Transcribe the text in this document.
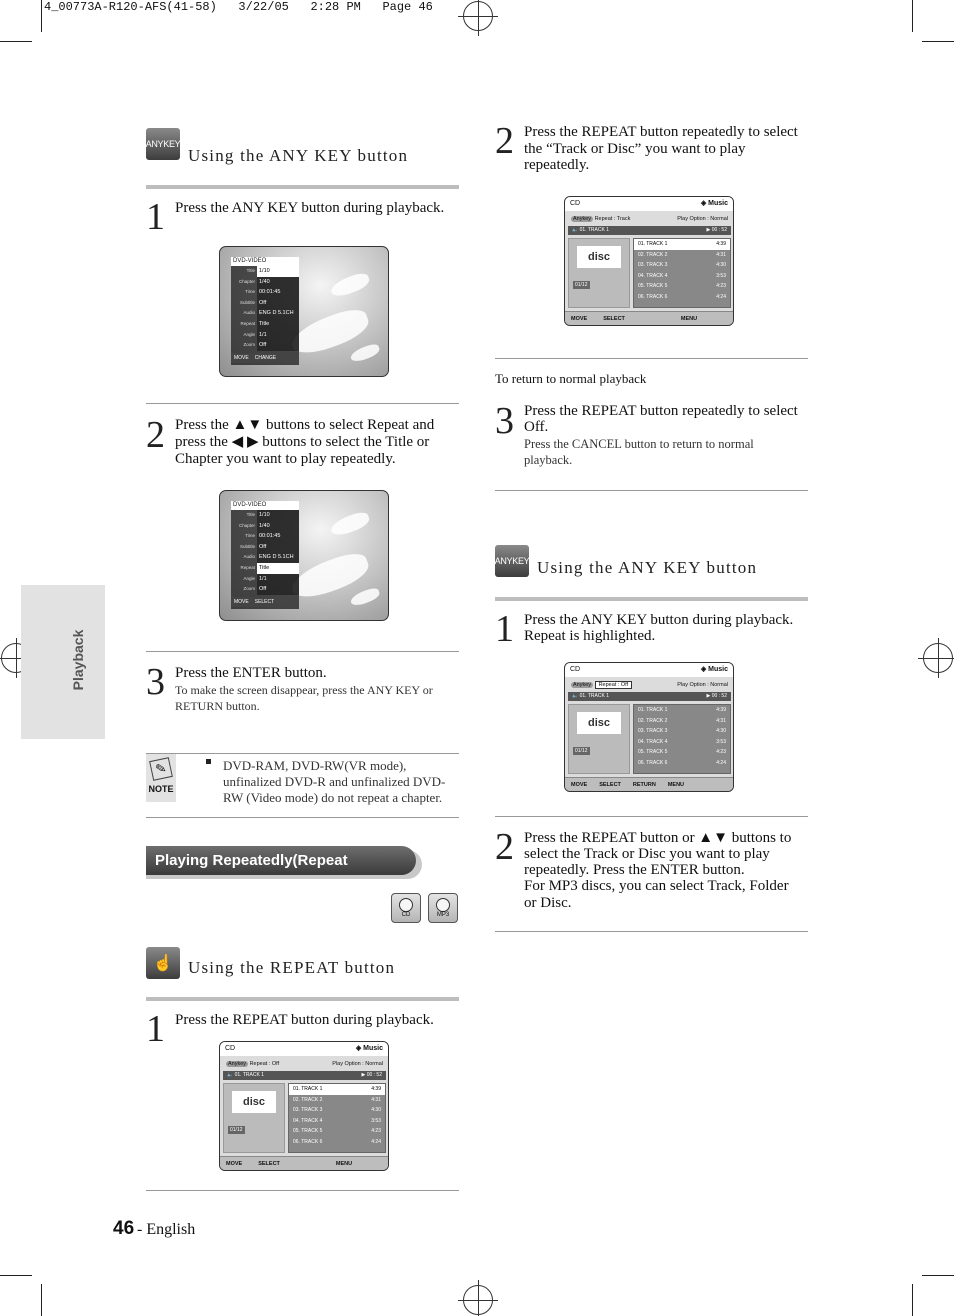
4_00773A-R120-AFS(41-58)   3/22/05   2:28 PM   Page 46
Playback
ANYKEY
Using the ANY KEY button
1 Press the ANY KEY button during playback.
DVD-VIDEO
Title 1/10
Chapter 1/40
Time 00:01:45
Subtitle Off
Audio ENG D 5.1CH
Repeat Title
Angle 1/1
Zoom Off
MOVE CHANGE
2 Press the ▲▼ buttons to select Repeat and
press the ◀ ▶ buttons to select the Title or
Chapter you want to play repeatedly.
DVD-VIDEO
Title 1/10
Chapter 1/40
Time 00:01:45
Subtitle Off
Audio ENG D 5.1CH
Repeat Title
Angle 1/1
Zoom Off
MOVE SELECT
3 Press the ENTER button.
To make the screen disappear, press the ANY KEY or
RETURN button.
✎
NOTE
DVD-RAM, DVD-RW(VR mode),
unfinalized DVD-R and unfinalized DVD-
RW (Video mode) do not repeat a chapter.
Playing Repeatedly(Repeat Playback)
CD	MP3
☝ Using the REPEAT button
1 Press the REPEAT button during playback.
CD	◈ Music
Anykey Repeat : Off	Play Option : Normal
🔈 01. TRACK 1	▶ 00 : 52
disc
01/12
01. TRACK 1	4:39
02. TRACK 2	4:31
03. TRACK 3	4:30
04. TRACK 4	3:53
05. TRACK 5	4:23
06. TRACK 6	4:24
MOVE	SELECT	MENU
46 - English
2 Press the REPEAT button repeatedly to select
the “Track or Disc” you want to play
repeatedly.
CD	◈ Music
Anykey Repeat : Track	Play Option : Normal
🔈 01. TRACK 1	▶ 00 : 52
disc
01/12
01. TRACK 1	4:39
02. TRACK 2	4:31
03. TRACK 3	4:30
04. TRACK 4	3:53
05. TRACK 5	4:23
06. TRACK 6	4:24
MOVE	SELECT	MENU
To return to normal playback
3 Press the REPEAT button repeatedly to select
Off.
Press the CANCEL button to return to normal
playback.
ANYKEY Using the ANY KEY button
1 Press the ANY KEY button during playback.
Repeat is highlighted.
CD	◈ Music
Anykey Repeat : Off	Play Option : Normal
🔈 01. TRACK 1	▶ 00 : 52
disc
01/12
01. TRACK 1	4:39
02. TRACK 2	4:31
03. TRACK 3	4:30
04. TRACK 4	3:53
05. TRACK 5	4:23
06. TRACK 6	4:24
MOVE SELECT RETURN MENU
2 Press the REPEAT button or ▲▼ buttons to
select the Track or Disc you want to play
repeatedly. Press the ENTER button.
For MP3 discs, you can select Track, Folder
or Disc.
